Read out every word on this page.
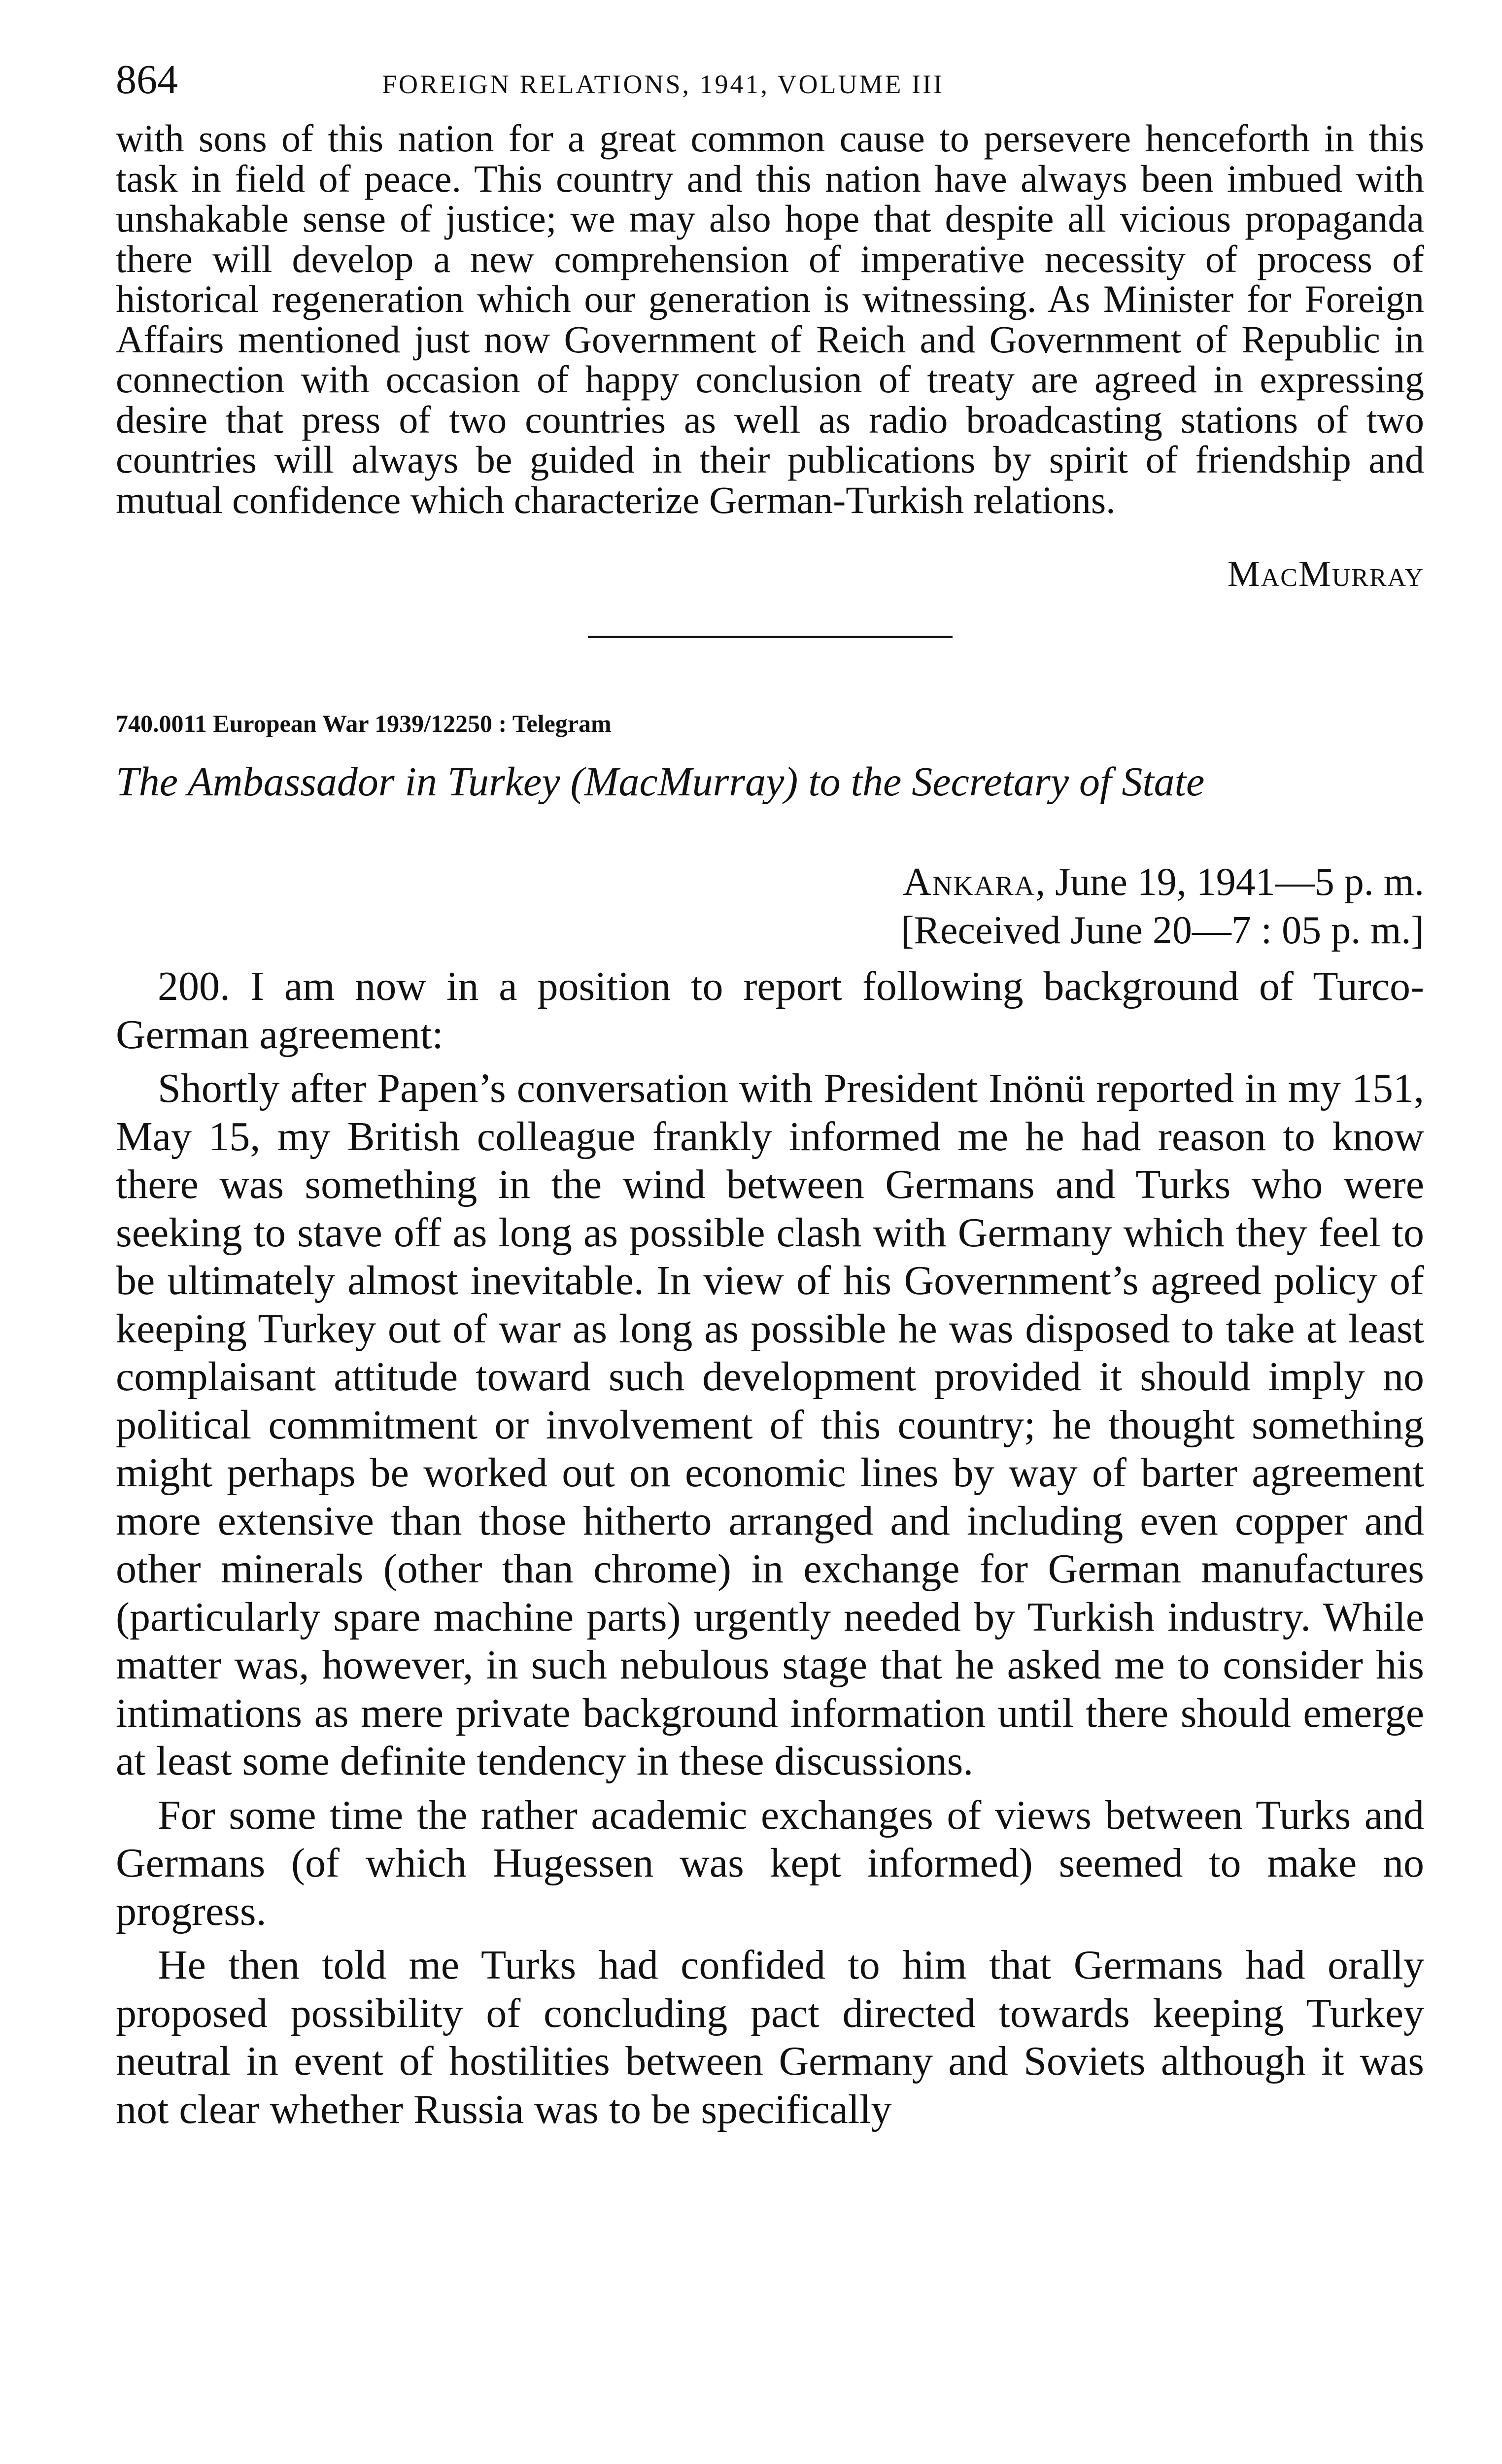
864	FOREIGN RELATIONS, 1941, VOLUME III

with sons of this nation for a great common cause to persevere henceforth in this task in field of peace. This country and this nation have always been imbued with unshakable sense of justice; we may also hope that despite all vicious propaganda there will develop a new comprehension of imperative necessity of process of historical regeneration which our generation is witnessing. As Minister for Foreign Affairs mentioned just now Government of Reich and Government of Republic in connection with occasion of happy conclusion of treaty are agreed in expressing desire that press of two countries as well as radio broadcasting stations of two countries will always be guided in their publications by spirit of friendship and mutual confidence which characterize German-Turkish relations.

MacMurray
740.0011 European War 1939/12250 : Telegram
The Ambassador in Turkey (MacMurray) to the Secretary of State
Ankara, June 19, 1941—5 p. m.
[Received June 20—7 : 05 p. m.]

200. I am now in a position to report following background of Turco-German agreement:

Shortly after Papen’s conversation with President Inönü reported in my 151, May 15, my British colleague frankly informed me he had reason to know there was something in the wind between Germans and Turks who were seeking to stave off as long as possible clash with Germany which they feel to be ultimately almost inevitable. In view of his Government’s agreed policy of keeping Turkey out of war as long as possible he was disposed to take at least complaisant attitude toward such development provided it should imply no political commitment or involvement of this country; he thought something might perhaps be worked out on economic lines by way of barter agreement more extensive than those hitherto arranged and including even copper and other minerals (other than chrome) in exchange for German manufactures (particularly spare machine parts) urgently needed by Turkish industry. While matter was, however, in such nebulous stage that he asked me to consider his intimations as mere private background information until there should emerge at least some definite tendency in these discussions.

For some time the rather academic exchanges of views between Turks and Germans (of which Hugessen was kept informed) seemed to make no progress.

He then told me Turks had confided to him that Germans had orally proposed possibility of concluding pact directed towards keeping Turkey neutral in event of hostilities between Germany and Soviets although it was not clear whether Russia was to be specifically
